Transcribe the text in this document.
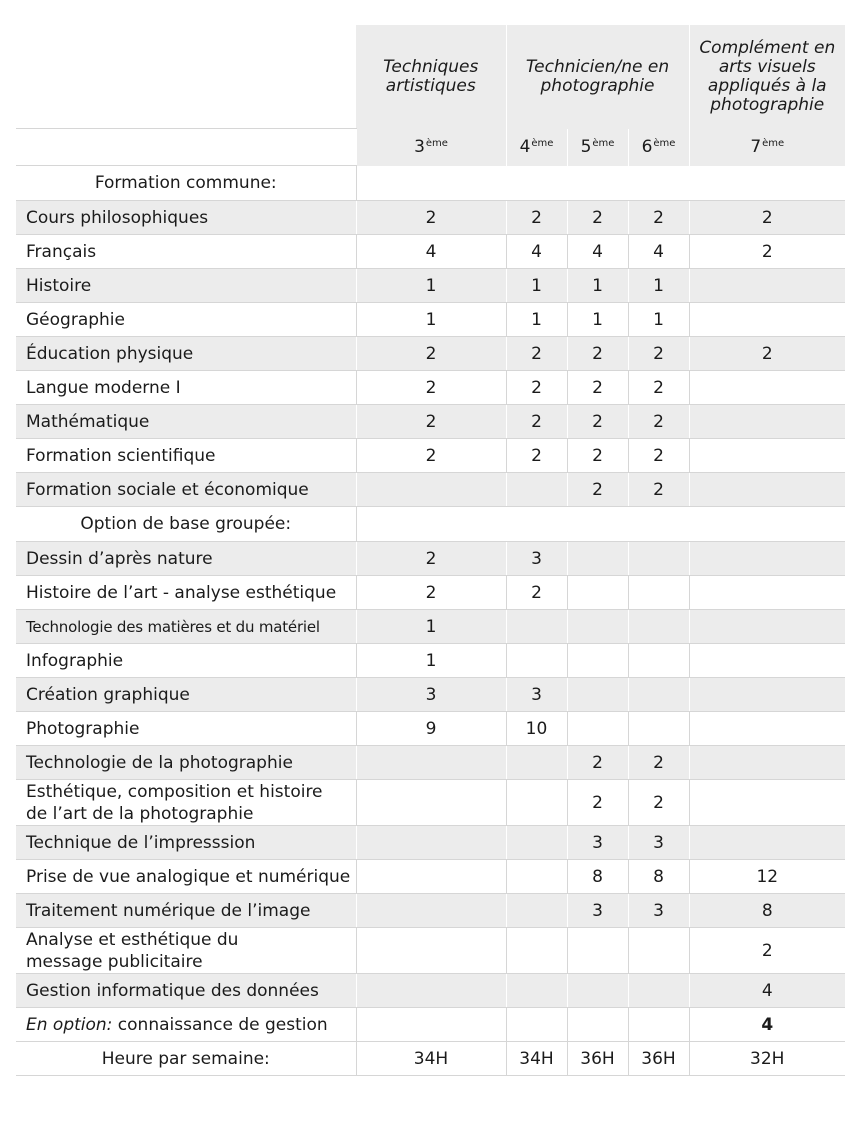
	Techniques artistiques	Technicien/ne en photographie			Complément en arts visuels appliqués à la photographie
	3ème	4ème	5ème	6ème	7ème
Formation commune:					
Cours philosophiques	2	2	2	2	2
Français	4	4	4	4	2
Histoire	1	1	1	1	
Géographie	1	1	1	1	
Éducation physique	2	2	2	2	2
Langue moderne I	2	2	2	2	
Mathématique	2	2	2	2	
Formation scientifique	2	2	2	2	
Formation sociale et économique			2	2	
Option de base groupée:					
Dessin d’après nature	2	3			
Histoire de l’art - analyse esthétique	2	2			
Technologie des matières et du matériel	1				
Infographie	1				
Création graphique	3	3			
Photographie	9	10			
Technologie de la photographie			2	2	
Esthétique, composition et histoire
de l’art de la photographie			2	2	
Technique de l’impresssion			3	3	
Prise de vue analogique et numérique			8	8	12
Traitement numérique de l’image			3	3	8
Analyse et esthétique du
message publicitaire					2
Gestion informatique des données					4
En option: connaissance de gestion					4
Heure par semaine:	34H	34H	36H	36H	32H
